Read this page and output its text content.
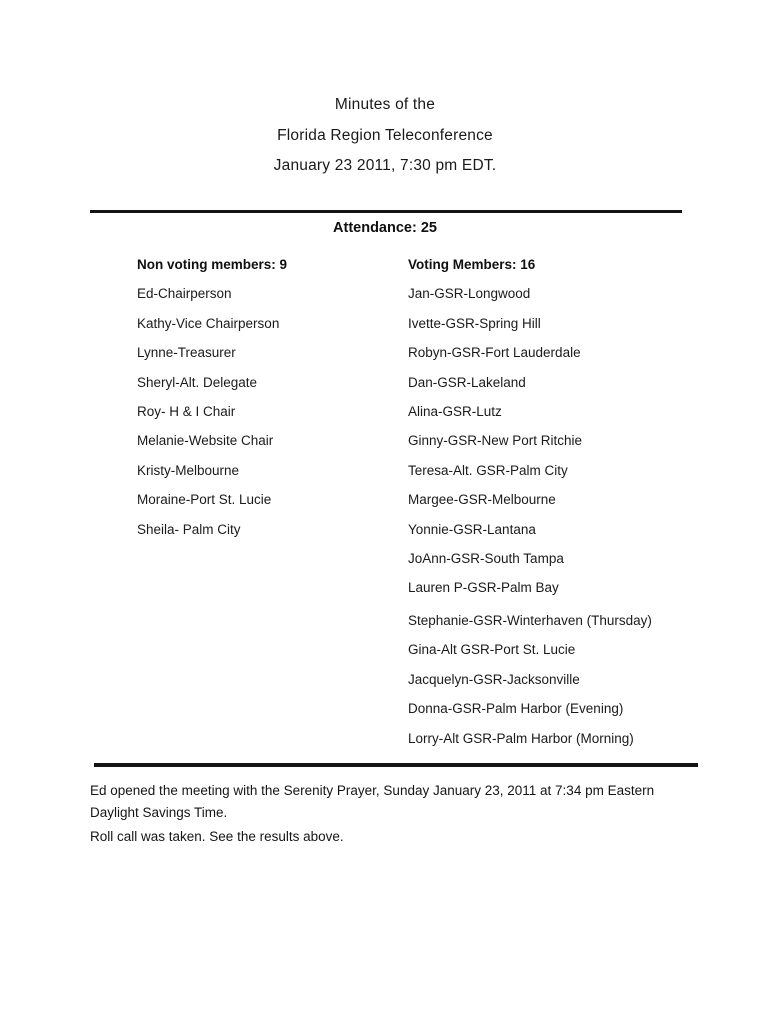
Minutes of the
Florida Region Teleconference
January 23 2011, 7:30 pm EDT.
Attendance: 25
Non voting members: 9
Ed-Chairperson
Kathy-Vice Chairperson
Lynne-Treasurer
Sheryl-Alt. Delegate
Roy- H & I Chair
Melanie-Website Chair
Kristy-Melbourne
Moraine-Port St. Lucie
Sheila- Palm City
Voting Members: 16
Jan-GSR-Longwood
Ivette-GSR-Spring Hill
Robyn-GSR-Fort Lauderdale
Dan-GSR-Lakeland
Alina-GSR-Lutz
Ginny-GSR-New Port Ritchie
Teresa-Alt. GSR-Palm City
Margee-GSR-Melbourne
Yonnie-GSR-Lantana
JoAnn-GSR-South Tampa
Lauren P-GSR-Palm Bay
Stephanie-GSR-Winterhaven (Thursday)
Gina-Alt GSR-Port St. Lucie
Jacquelyn-GSR-Jacksonville
Donna-GSR-Palm Harbor (Evening)
Lorry-Alt GSR-Palm Harbor (Morning)
Ed opened the meeting with the Serenity Prayer, Sunday January 23, 2011 at 7:34 pm Eastern Daylight Savings Time.
Roll call was taken. See the results above.
